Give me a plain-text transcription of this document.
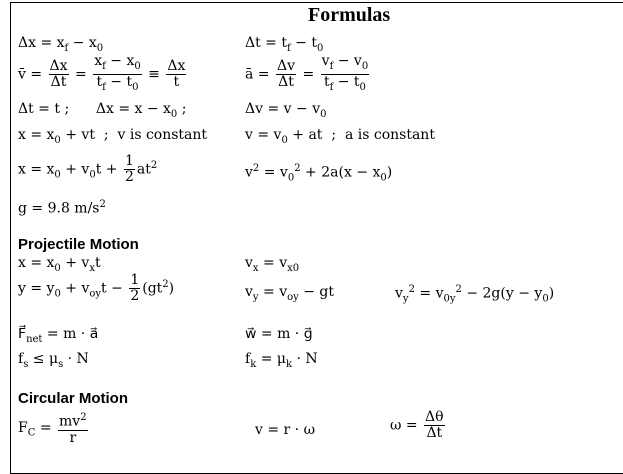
Formulas
$\Delta x = x_f - x_0$	$\Delta t = t_f - t_0$
v̄ = $\frac{\Delta x}{\Delta t} = \frac{x_f - x_0}{t_f - t_0} \equiv \frac{\Delta x}{t}$	ā = $\frac{\Delta v}{\Delta t} = \frac{v_f - v_0}{t_f - t_0}$
Δt = t ;      $\Delta x = x - x_0$ ;	$\Delta v = v - v_0$
$x = x_0$ + vt  ;  v is constant	$v = v_0$ + at  ;  a is constant
$x = x_0 + v_0t + \frac{1}{2} at^2$	$v^2 = v_0^2 + 2a(x - x_0)$
g = 9.8 $m/s^2$
Projectile Motion
$x = x_0 + v_xt$	$v_x = v_{x0}$
$y = y_0 + v_{oy}t - \frac{1}{2} (gt^2)$	$v_y = v_{oy}$ − gt	$v_y^2 = v_{0y}^2 - 2g(y - y_0)$
$F⃗_{net} = m$ · a⃗	w⃗ = m · g⃗
$f_s \le \mu_s \cdot N$	$f_k = \mu_k \cdot N$
Circular Motion
$F_C = \frac{mv^2}{r}$	v = r · ω	$\omega = \frac{\Delta\theta}{\Delta t}$
